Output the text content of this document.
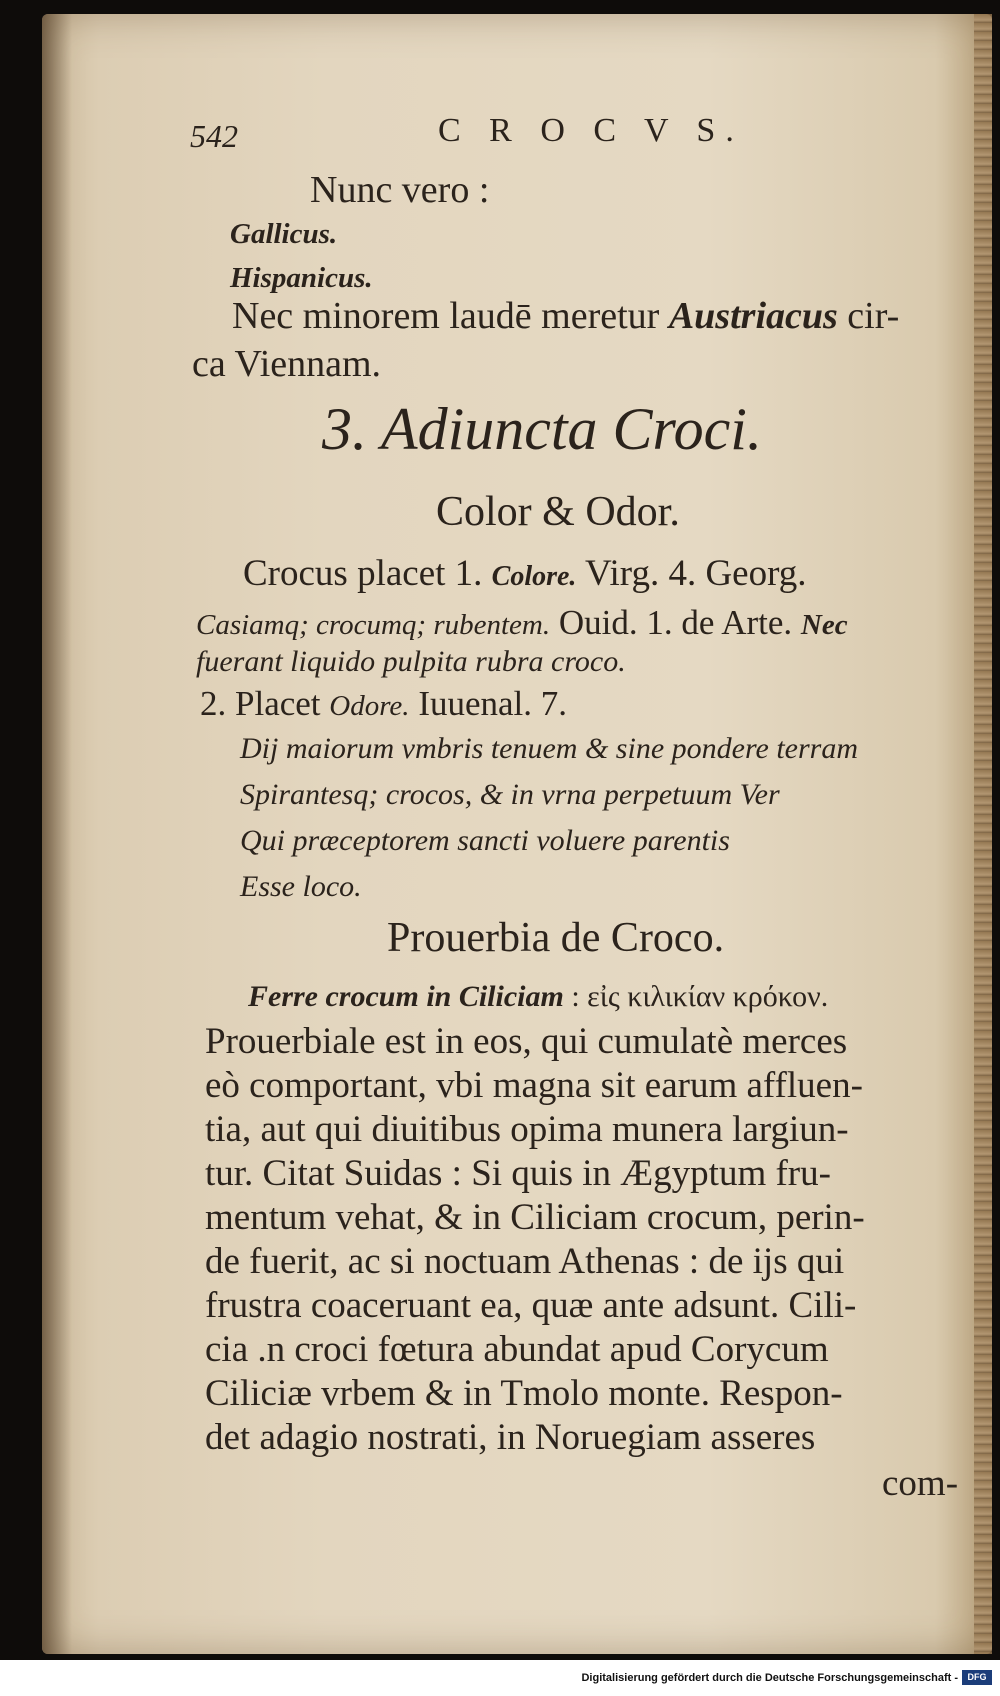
542	C R O C V S.
Nunc vero :
Gallicus.
Hispanicus.
Nec minorem laudē meretur Austriacus cir-
ca Viennam.
3. Adiuncta Croci.
Color & Odor.
Crocus placet 1. Colore. Virg. 4. Georg.
Casiamq; crocumq; rubentem. Ouid. 1. de Arte. Nec
fuerant liquido pulpita rubra croco.
2. Placet Odore. Iuuenal. 7.
Dij maiorum vmbris tenuem & sine pondere terram
Spirantesq; crocos, & in vrna perpetuum Ver
Qui præceptorem sancti voluere parentis
Esse loco.
Prouerbia de Croco.
Ferre crocum in Ciliciam : εἰς κιλικίαν κρόκον.
Prouerbiale est in eos, qui cumulatè merces
eò comportant, vbi magna sit earum affluen-
tia, aut qui diuitibus opima munera largiun-
tur. Citat Suidas : Si quis in Ægyptum fru-
mentum vehat, & in Ciliciam crocum, perin-
de fuerit, ac si noctuam Athenas : de ijs qui
frustra coaceruant ea, quæ ante adsunt. Cili-
cia .n croci fœtura abundat apud Corycum
Ciliciæ vrbem & in Tmolo monte. Respon-
det adagio nostrati, in Noruegiam asseres
com-
Digitalisierung gefördert durch die Deutsche Forschungsgemeinschaft -	DFG
